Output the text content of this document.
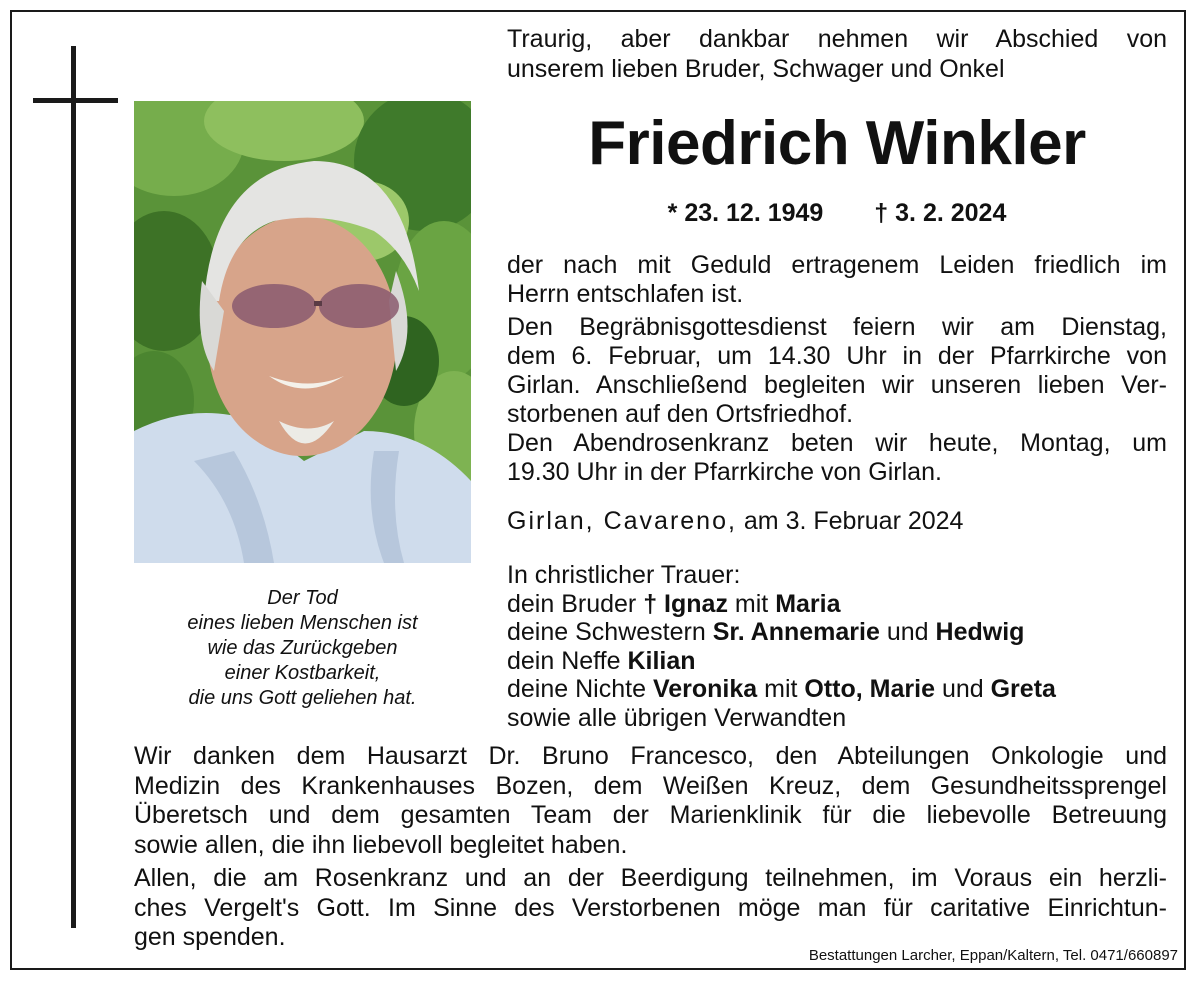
Der Tod
eines lieben Menschen ist
wie das Zurückgeben
einer Kostbarkeit,
die uns Gott geliehen hat.
Traurig, aber dankbar nehmen wir Abschied von
unserem lieben Bruder, Schwager und Onkel
Friedrich Winkler
* 23. 12. 1949 † 3. 2. 2024
der nach mit Geduld ertragenem Leiden friedlich im
Herrn entschlafen ist.
Den Begräbnisgottesdienst feiern wir am Dienstag,
dem 6. Februar, um 14.30 Uhr in der Pfarrkirche von
Girlan. Anschließend begleiten wir unseren lieben Ver-
storbenen auf den Ortsfriedhof.
Den Abendrosenkranz beten wir heute, Montag, um
19.30 Uhr in der Pfarrkirche von Girlan.
Girlan, Cavareno, am 3. Februar 2024
In christlicher Trauer:
dein Bruder † Ignaz mit Maria
deine Schwestern Sr. Annemarie und Hedwig
dein Neffe Kilian
deine Nichte Veronika mit Otto, Marie und Greta
sowie alle übrigen Verwandten
Wir danken dem Hausarzt Dr. Bruno Francesco, den Abteilungen Onkologie und
Medizin des Krankenhauses Bozen, dem Weißen Kreuz, dem Gesundheitssprengel
Überetsch und dem gesamten Team der Marienklinik für die liebevolle Betreuung
sowie allen, die ihn liebevoll begleitet haben.
Allen, die am Rosenkranz und an der Beerdigung teilnehmen, im Voraus ein herzli-
ches Vergelt's Gott. Im Sinne des Verstorbenen möge man für caritative Einrichtun-
gen spenden.
Bestattungen Larcher, Eppan/Kaltern, Tel. 0471/660897
